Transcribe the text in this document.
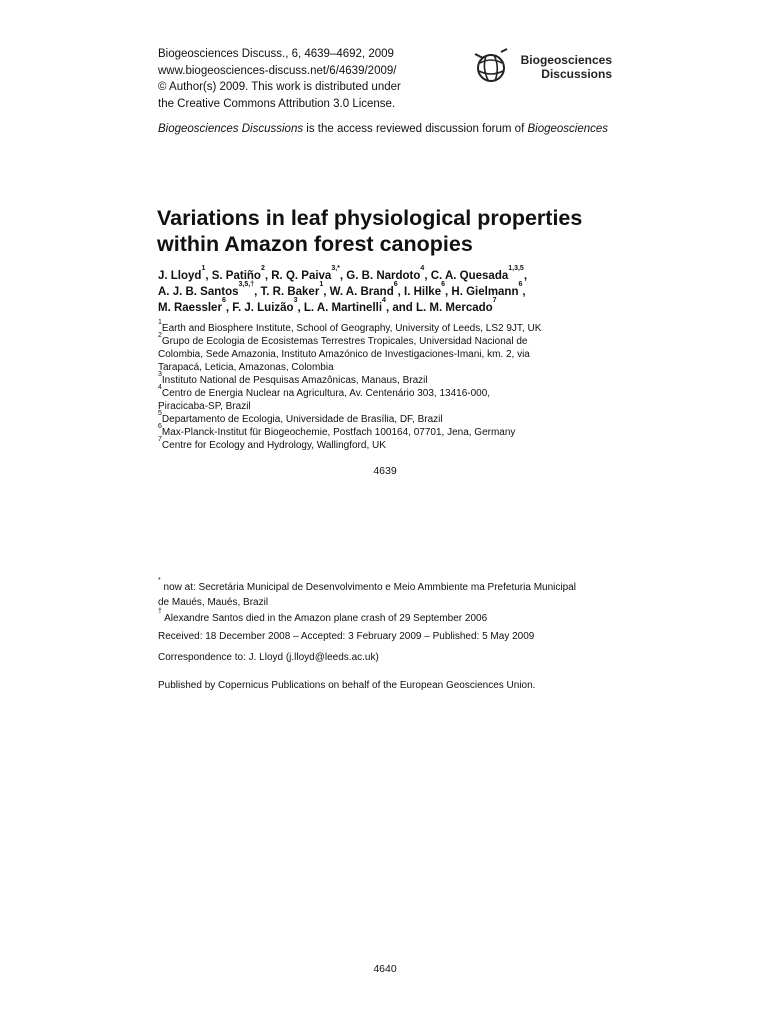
Biogeosciences Discuss., 6, 4639–4692, 2009
www.biogeosciences-discuss.net/6/4639/2009/
© Author(s) 2009. This work is distributed under
the Creative Commons Attribution 3.0 License.
Biogeosciences
Discussions
Biogeosciences Discussions is the access reviewed discussion forum of Biogeosciences
Variations in leaf physiological properties
within Amazon forest canopies
J. Lloyd$^1$, S. Patiño$^2$, R. Q. Paiva$^{3,*}$, G. B. Nardoto$^4$, C. A. Quesada$^{1,3,5}$,
A. J. B. Santos$^{3,5,\dagger}$, T. R. Baker$^1$, W. A. Brand$^6$, I. Hilke$^6$, H. Gielmann$^6$,
M. Raessler$^6$, F. J. Luizão$^3$, L. A. Martinelli$^4$, and L. M. Mercado$^7$
$^1$Earth and Biosphere Institute, School of Geography, University of Leeds, LS2 9JT, UK
$^2$Grupo de Ecologia de Ecosistemas Terrestres Tropicales, Universidad Nacional de
Colombia, Sede Amazonia, Instituto Amazónico de Investigaciones-Imani, km. 2, via
Tarapacá, Leticia, Amazonas, Colombia
$^3$Instituto National de Pesquisas Amazônicas, Manaus, Brazil
$^4$Centro de Energia Nuclear na Agricultura, Av. Centenário 303, 13416-000,
Piracicaba-SP, Brazil
$^5$Departamento de Ecologia, Universidade de Brasília, DF, Brazil
$^6$Max-Planck-Institut für Biogeochemie, Postfach 100164, 07701, Jena, Germany
$^7$Centre for Ecology and Hydrology, Wallingford, UK
4639
* now at: Secretária Municipal de Desenvolvimento e Meio Ammbiente ma Prefeturia Municipal
de Maués, Maués, Brazil
† Alexandre Santos died in the Amazon plane crash of 29 September 2006
Received: 18 December 2008 – Accepted: 3 February 2009 – Published: 5 May 2009
Correspondence to: J. Lloyd (j.lloyd@leeds.ac.uk)
Published by Copernicus Publications on behalf of the European Geosciences Union.
4640
